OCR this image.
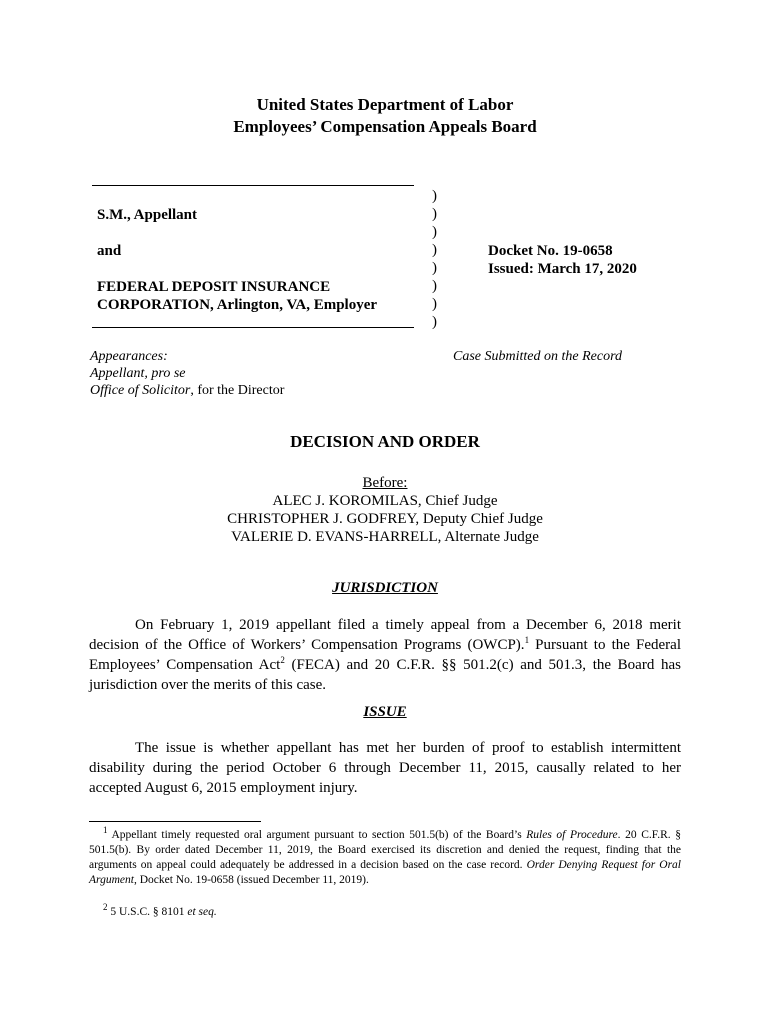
United States Department of Labor
Employees’ Compensation Appeals Board
S.M., Appellant
and
FEDERAL DEPOSIT INSURANCE
CORPORATION, Arlington, VA, Employer
)
)
)
)
)
)
)
)
Docket No. 19-0658
Issued: March 17, 2020
Appearances:
Appellant, pro se
Office of Solicitor, for the Director
Case Submitted on the Record
DECISION AND ORDER
Before:
ALEC J. KOROMILAS, Chief Judge
CHRISTOPHER J. GODFREY, Deputy Chief Judge
VALERIE D. EVANS-HARRELL, Alternate Judge
JURISDICTION
On February 1, 2019 appellant filed a timely appeal from a December 6, 2018 merit decision of the Office of Workers’ Compensation Programs (OWCP).$^1$ Pursuant to the Federal Employees’ Compensation Act$^2$ (FECA) and 20 C.F.R. §§ 501.2(c) and 501.3, the Board has jurisdiction over the merits of this case.
ISSUE
The issue is whether appellant has met her burden of proof to establish intermittent disability during the period October 6 through December 11, 2015, causally related to her accepted August 6, 2015 employment injury.
$^1$ Appellant timely requested oral argument pursuant to section 501.5(b) of the Board’s Rules of Procedure. 20 C.F.R. § 501.5(b). By order dated December 11, 2019, the Board exercised its discretion and denied the request, finding that the arguments on appeal could adequately be addressed in a decision based on the case record. Order Denying Request for Oral Argument, Docket No. 19-0658 (issued December 11, 2019).
$^2$ 5 U.S.C. § 8101 et seq.
